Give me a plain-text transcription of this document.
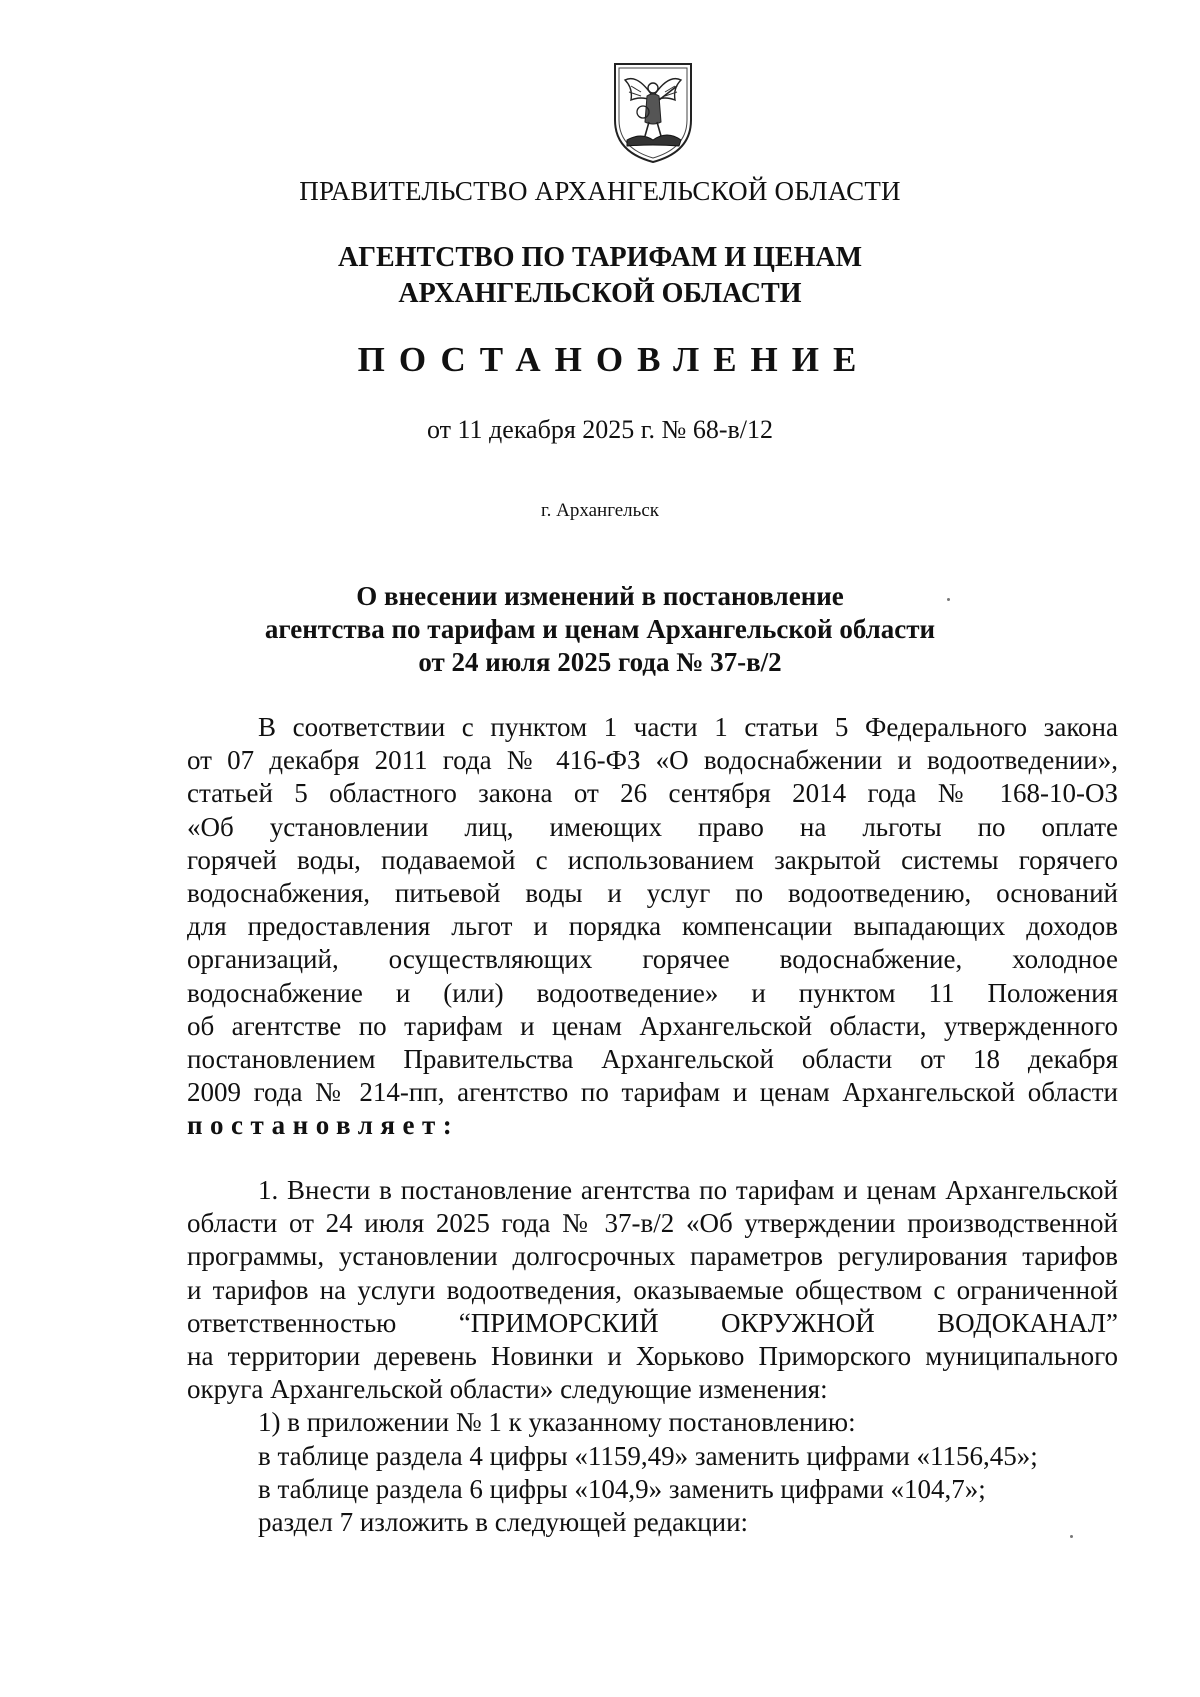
ПРАВИТЕЛЬСТВО АРХАНГЕЛЬСКОЙ ОБЛАСТИ
АГЕНТСТВО ПО ТАРИФАМ И ЦЕНАМ
АРХАНГЕЛЬСКОЙ ОБЛАСТИ
ПОСТАНОВЛЕНИЕ
от 11 декабря 2025 г. № 68-в/12
г. Архангельск
О внесении изменений в постановление
агентства по тарифам и ценам Архангельской области
от 24 июля 2025 года № 37-в/2
В соответствии с пунктом 1 части 1 статьи 5 Федерального закона
от 07 декабря 2011 года № 416-ФЗ «О водоснабжении и водоотведении»,
статьей 5 областного закона от 26 сентября 2014 года № 168-10-ОЗ
«Об установлении лиц, имеющих право на льготы по оплате
горячей воды, подаваемой с использованием закрытой системы горячего
водоснабжения, питьевой воды и услуг по водоотведению, оснований
для предоставления льгот и порядка компенсации выпадающих доходов
организаций, осуществляющих горячее водоснабжение, холодное
водоснабжение и (или) водоотведение» и пунктом 11 Положения
об агентстве по тарифам и ценам Архангельской области, утвержденного
постановлением Правительства Архангельской области от 18 декабря
2009 года № 214-пп, агентство по тарифам и ценам Архангельской области
постановляет:
1. Внести в постановление агентства по тарифам и ценам Архангельской
области от 24 июля 2025 года № 37-в/2 «Об утверждении производственной
программы, установлении долгосрочных параметров регулирования тарифов
и тарифов на услуги водоотведения, оказываемые обществом с ограниченной
ответственностью “ПРИМОРСКИЙ ОКРУЖНОЙ ВОДОКАНАЛ”
на территории деревень Новинки и Хорьково Приморского муниципального
округа Архангельской области» следующие изменения:
1) в приложении № 1 к указанному постановлению:
в таблице раздела 4 цифры «1159,49» заменить цифрами «1156,45»;
в таблице раздела 6 цифры «104,9» заменить цифрами «104,7»;
раздел 7 изложить в следующей редакции:
